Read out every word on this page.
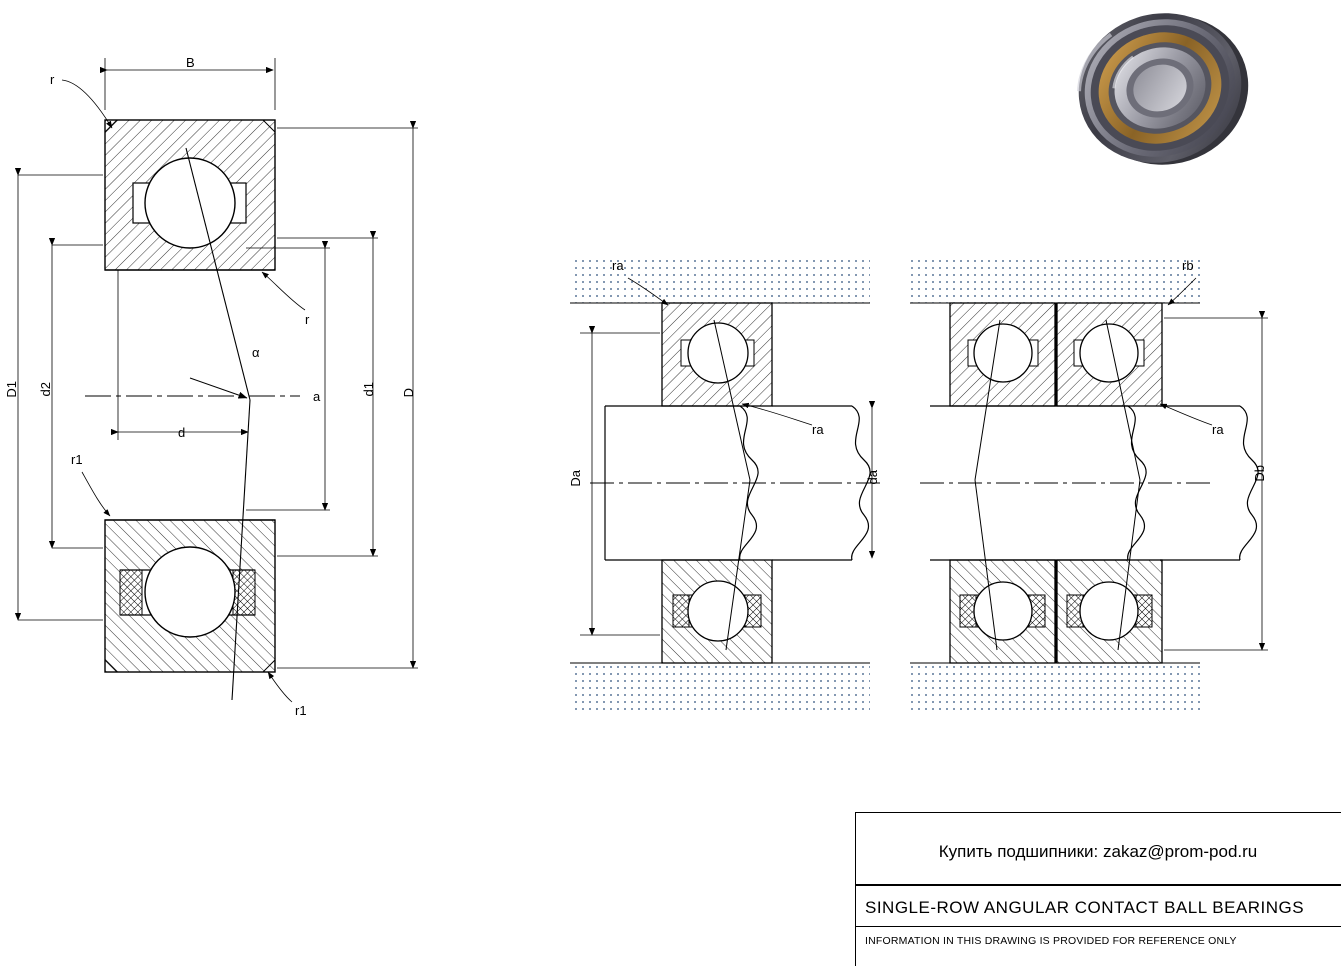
B
D1
d2
d
a	d1
D
α
r
r
r1
r1
Da
da
ra
ra
Db
rb
ra
Купить подшипники: zakaz@prom-pod.ru
SINGLE-ROW ANGULAR CONTACT BALL BEARINGS
INFORMATION IN THIS DRAWING IS PROVIDED FOR REFERENCE ONLY
